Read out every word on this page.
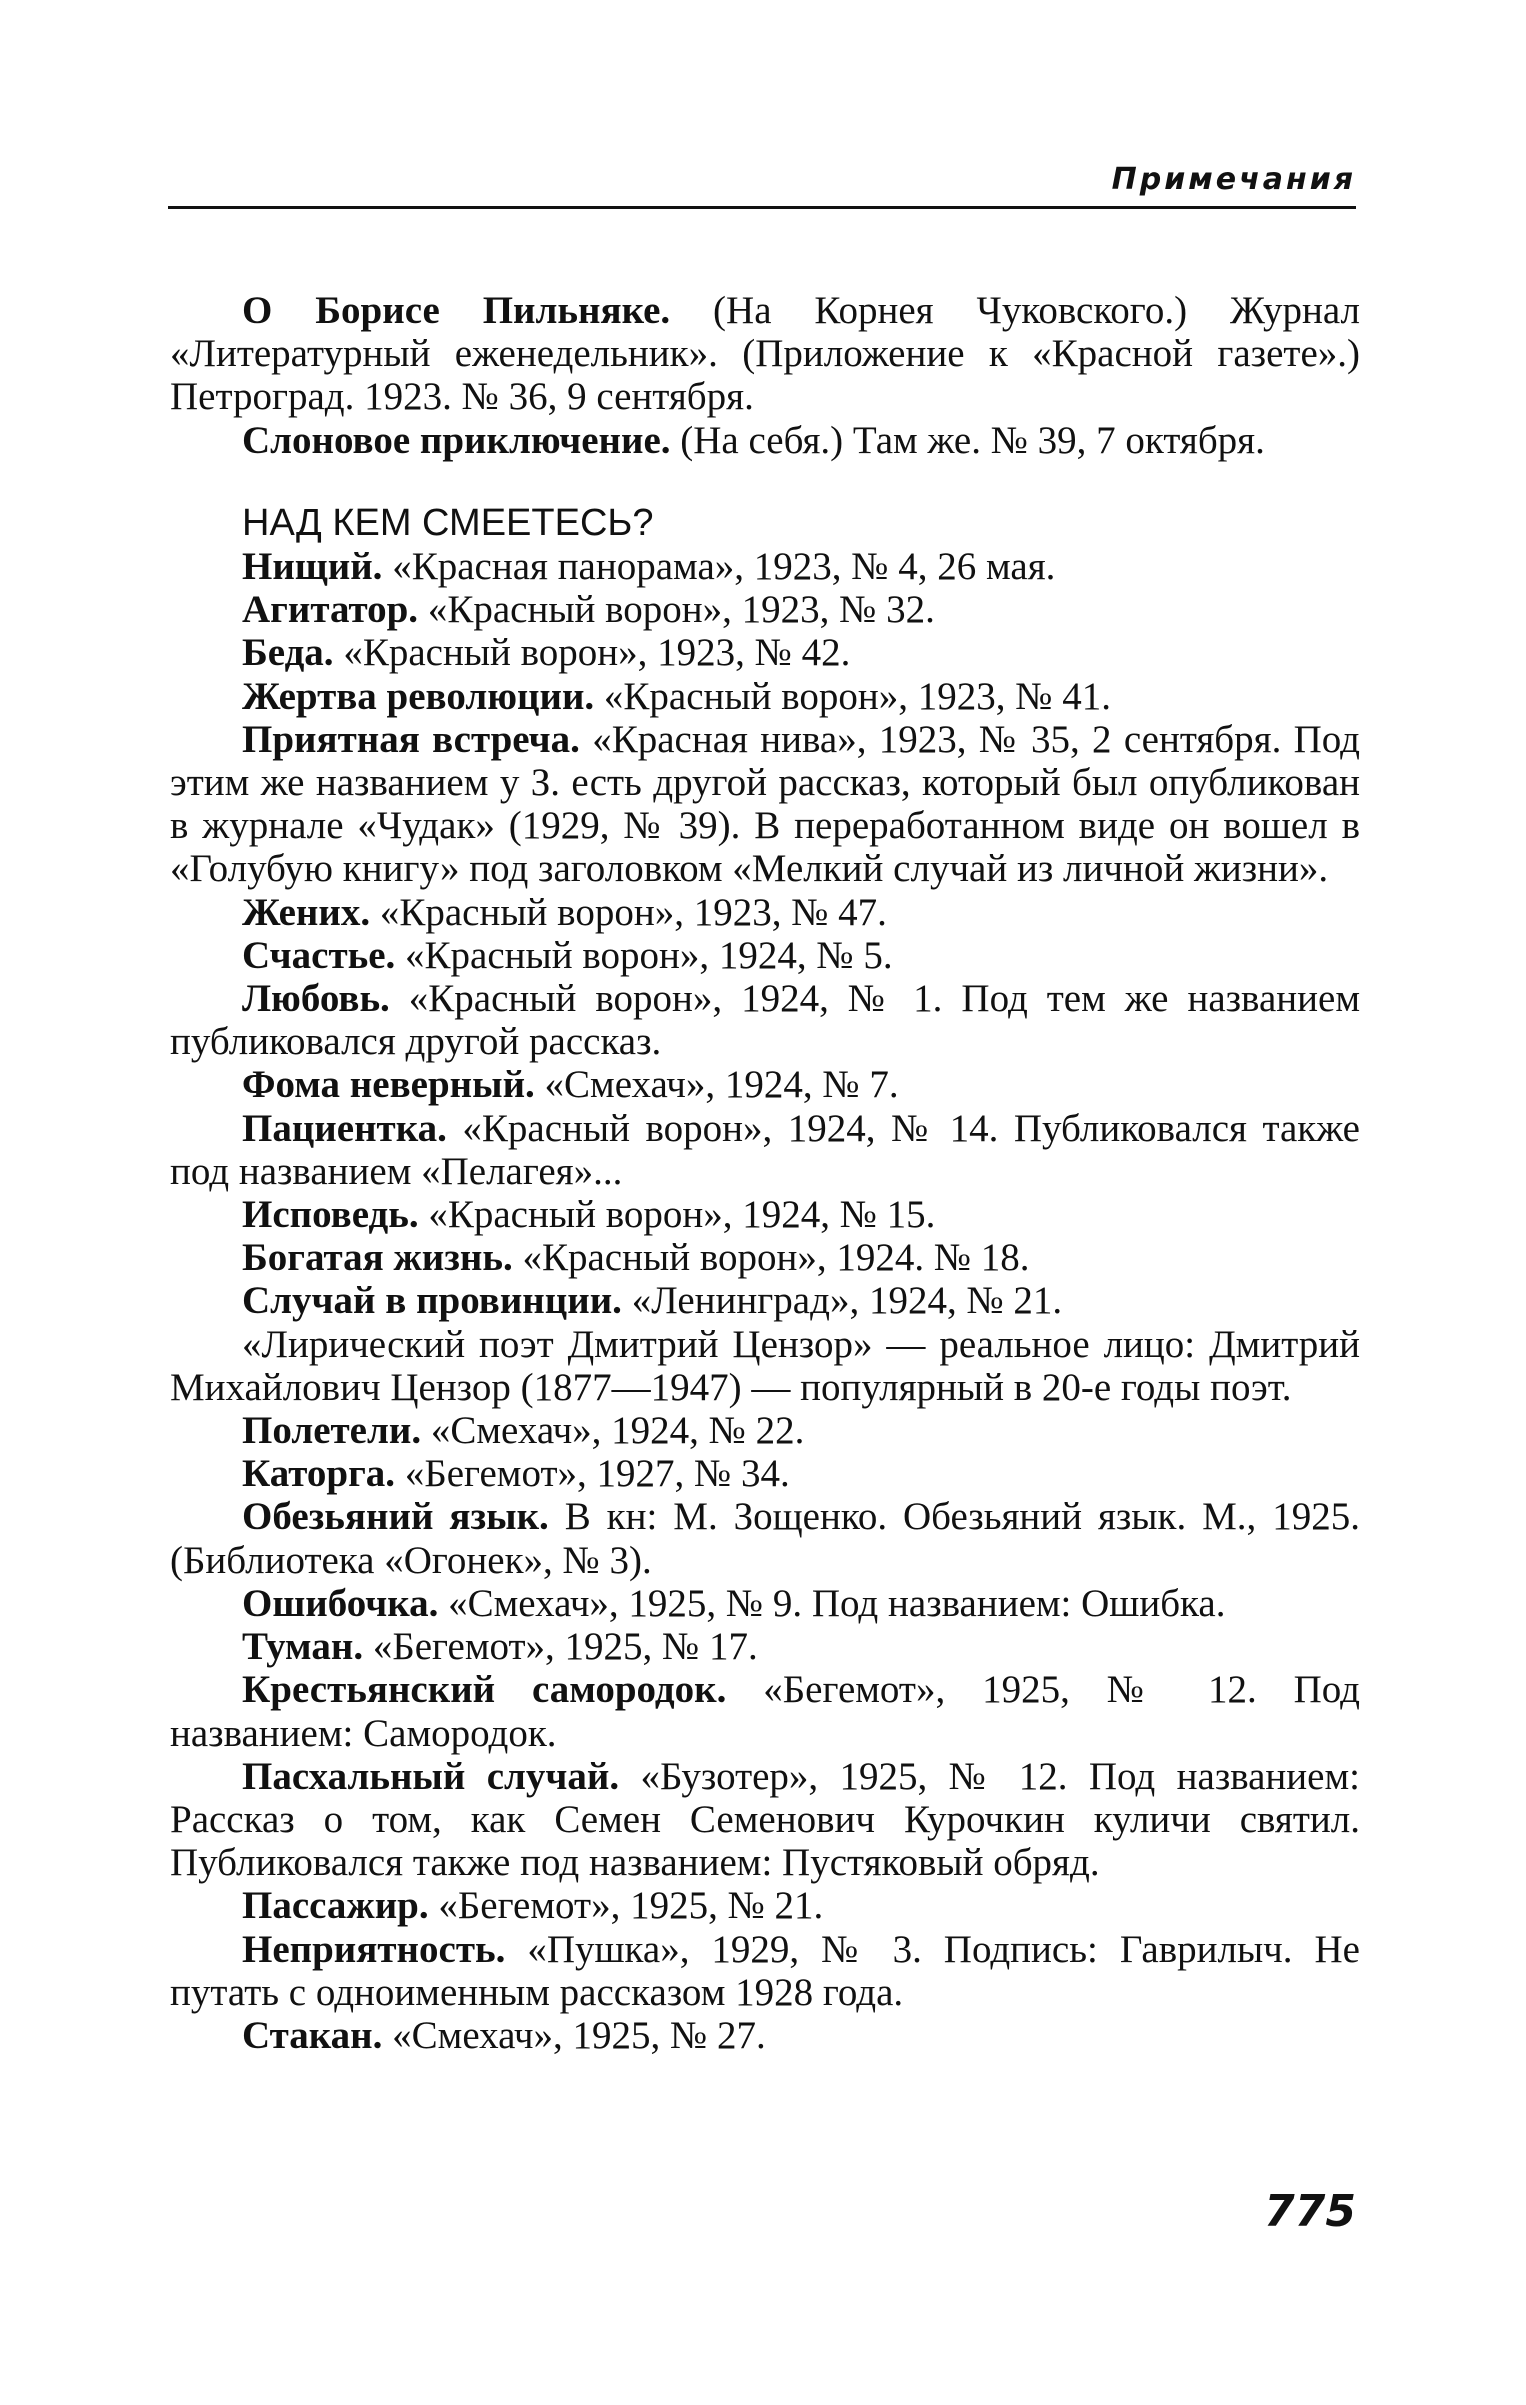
Примечания

О Борисе Пильняке. (На Корнея Чуковского.) Журнал «Литературный еженедельник». (Приложение к «Красной газете».) Петроград. 1923. № 36, 9 сентября.

Слоновое приключение. (На себя.) Там же. № 39, 7 октября.

НАД КЕМ СМЕЕТЕСЬ?

Нищий. «Красная панорама», 1923, № 4, 26 мая.

Агитатор. «Красный ворон», 1923, № 32.

Беда. «Красный ворон», 1923, № 42.

Жертва революции. «Красный ворон», 1923, № 41.

Приятная встреча. «Красная нива», 1923, № 35, 2 сентября. Под этим же названием у З. есть другой рассказ, который был опубликован в журнале «Чудак» (1929, № 39). В переработанном виде он вошел в «Голубую книгу» под заголовком «Мелкий случай из личной жизни».

Жених. «Красный ворон», 1923, № 47.

Счастье. «Красный ворон», 1924, № 5.

Любовь. «Красный ворон», 1924, № 1. Под тем же названием публиковался другой рассказ.

Фома неверный. «Смехач», 1924, № 7.

Пациентка. «Красный ворон», 1924, № 14. Публиковался также под названием «Пелагея»...

Исповедь. «Красный ворон», 1924, № 15.

Богатая жизнь. «Красный ворон», 1924. № 18.

Случай в провинции. «Ленинград», 1924, № 21.

«Лирический поэт Дмитрий Цензор» — реальное лицо: Дмитрий Михайлович Цензор (1877—1947) — популярный в 20-е годы поэт.

Полетели. «Смехач», 1924, № 22.

Каторга. «Бегемот», 1927, № 34.

Обезьяний язык. В кн: М. Зощенко. Обезьяний язык. М., 1925. (Библиотека «Огонек», № 3).

Ошибочка. «Смехач», 1925, № 9. Под названием: Ошибка.

Туман. «Бегемот», 1925, № 17.

Крестьянский самородок. «Бегемот», 1925, № 12. Под названием: Самородок.

Пасхальный случай. «Бузотер», 1925, № 12. Под названием: Рассказ о том, как Семен Семенович Курочкин куличи святил. Публиковался также под названием: Пустяковый обряд.

Пассажир. «Бегемот», 1925, № 21.

Неприятность. «Пушка», 1929, № 3. Подпись: Гаврилыч. Не путать с одноименным рассказом 1928 года.

Стакан. «Смехач», 1925, № 27.

775
